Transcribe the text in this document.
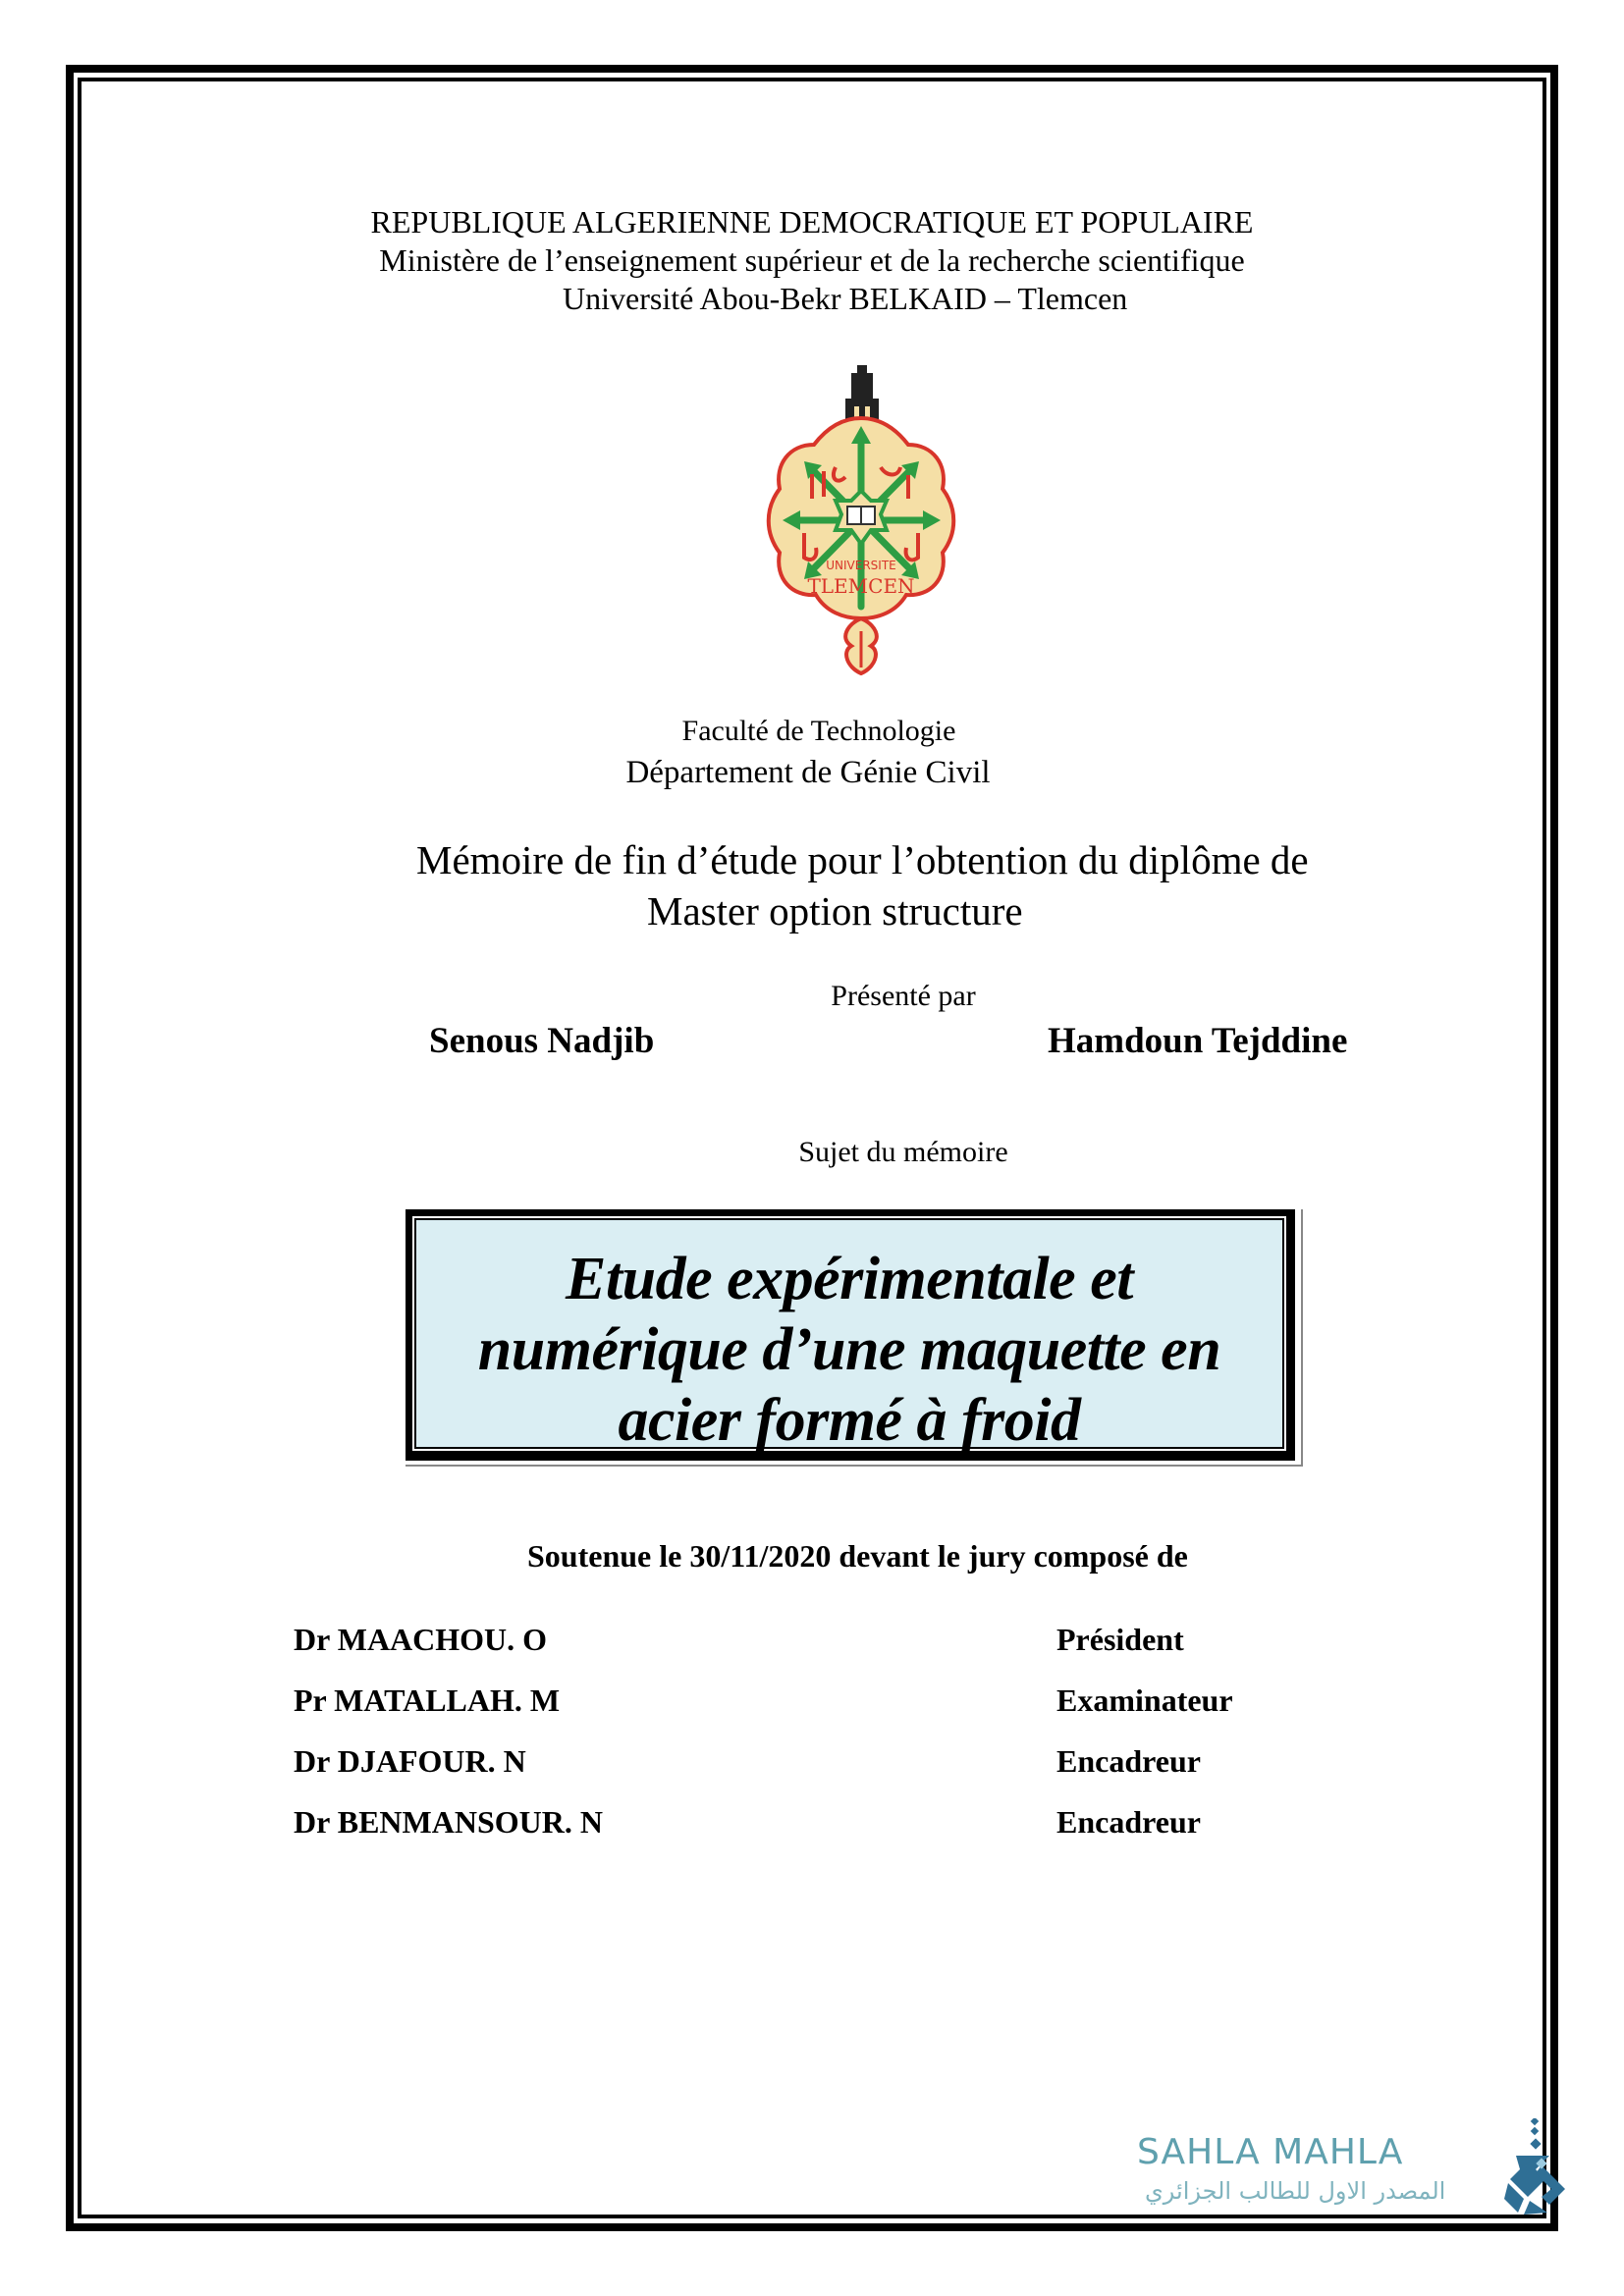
REPUBLIQUE ALGERIENNE DEMOCRATIQUE ET POPULAIRE
Ministère de l’enseignement supérieur et de la recherche scientifique
Université Abou-Bekr BELKAID – Tlemcen
UNIVERSITE
TLEMCEN
Faculté de Technologie
Département de Génie Civil
Mémoire de fin d’étude pour l’obtention du diplôme de
Master option structure
Présenté par
Senous Nadjib	Hamdoun Tejddine
Sujet du mémoire
Etude expérimentale et
numérique d’une maquette en
acier formé à froid
Soutenue le 30/11/2020 devant le jury composé de
Dr MAACHOU. O	Président
Pr MATALLAH. M	Examinateur
Dr DJAFOUR. N	Encadreur
Dr BENMANSOUR. N	Encadreur
SAHLA MAHLA
المصدر الاول للطالب الجزائري
